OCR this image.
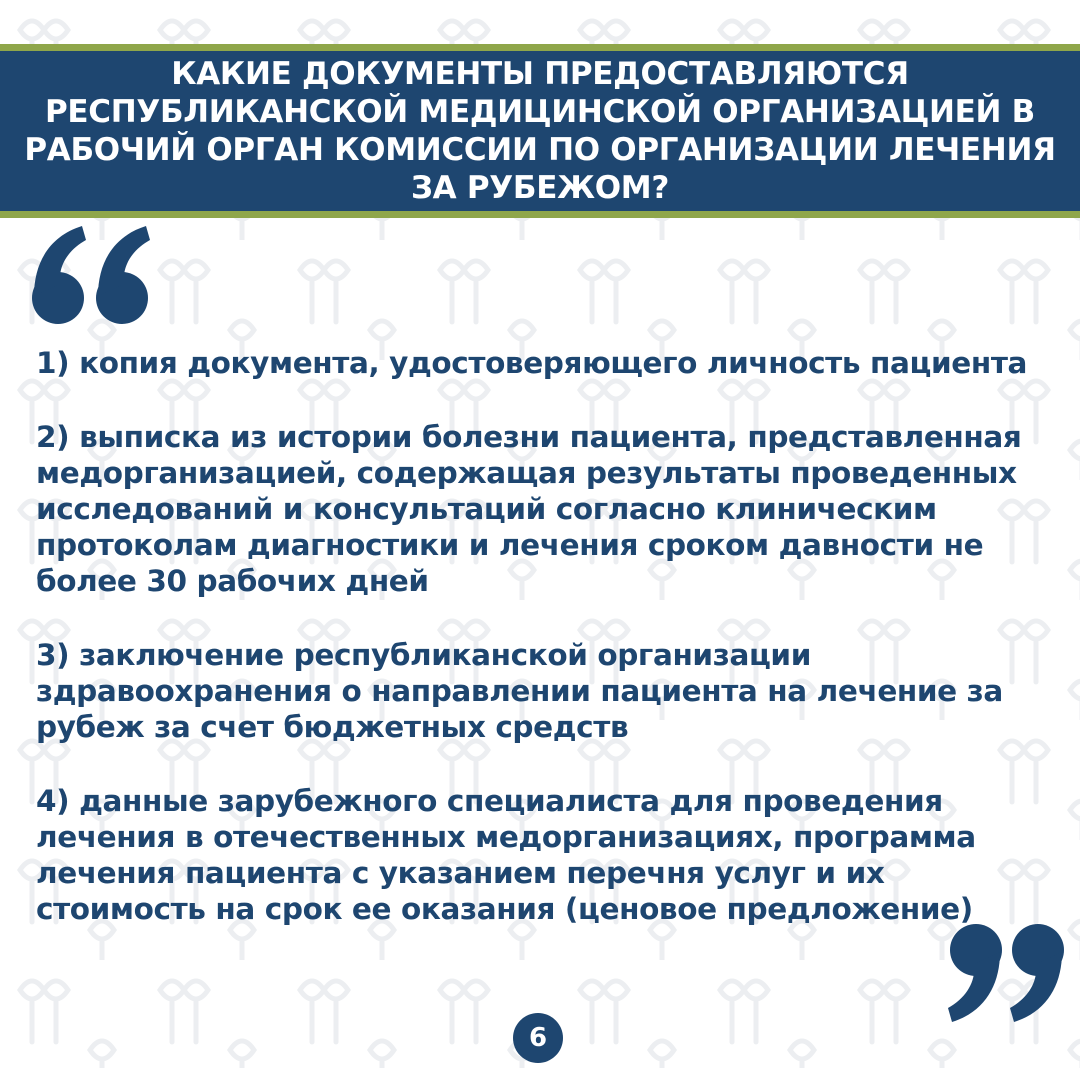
КАКИЕ ДОКУМЕНТЫ ПРЕДОСТАВЛЯЮТСЯ РЕСПУБЛИКАНСКОЙ МЕДИЦИНСКОЙ ОРГАНИЗАЦИЕЙ В РАБОЧИЙ ОРГАН КОМИССИИ ПО ОРГАНИЗАЦИИ ЛЕЧЕНИЯ ЗА РУБЕЖОМ?

1) копия документа, удостоверяющего личность пациента

2) выписка из истории болезни пациента, представленная медорганизацией, содержащая результаты проведенных исследований и консультаций согласно клиническим протоколам диагностики и лечения сроком давности не более 30 рабочих дней

3) заключение республиканской организации здравоохранения о направлении пациента на лечение за рубеж за счет бюджетных средств

4) данные зарубежного специалиста для проведения лечения в отечественных медорганизациях, программа лечения пациента с указанием перечня услуг и их стоимость на срок ее оказания (ценовое предложение)

6
